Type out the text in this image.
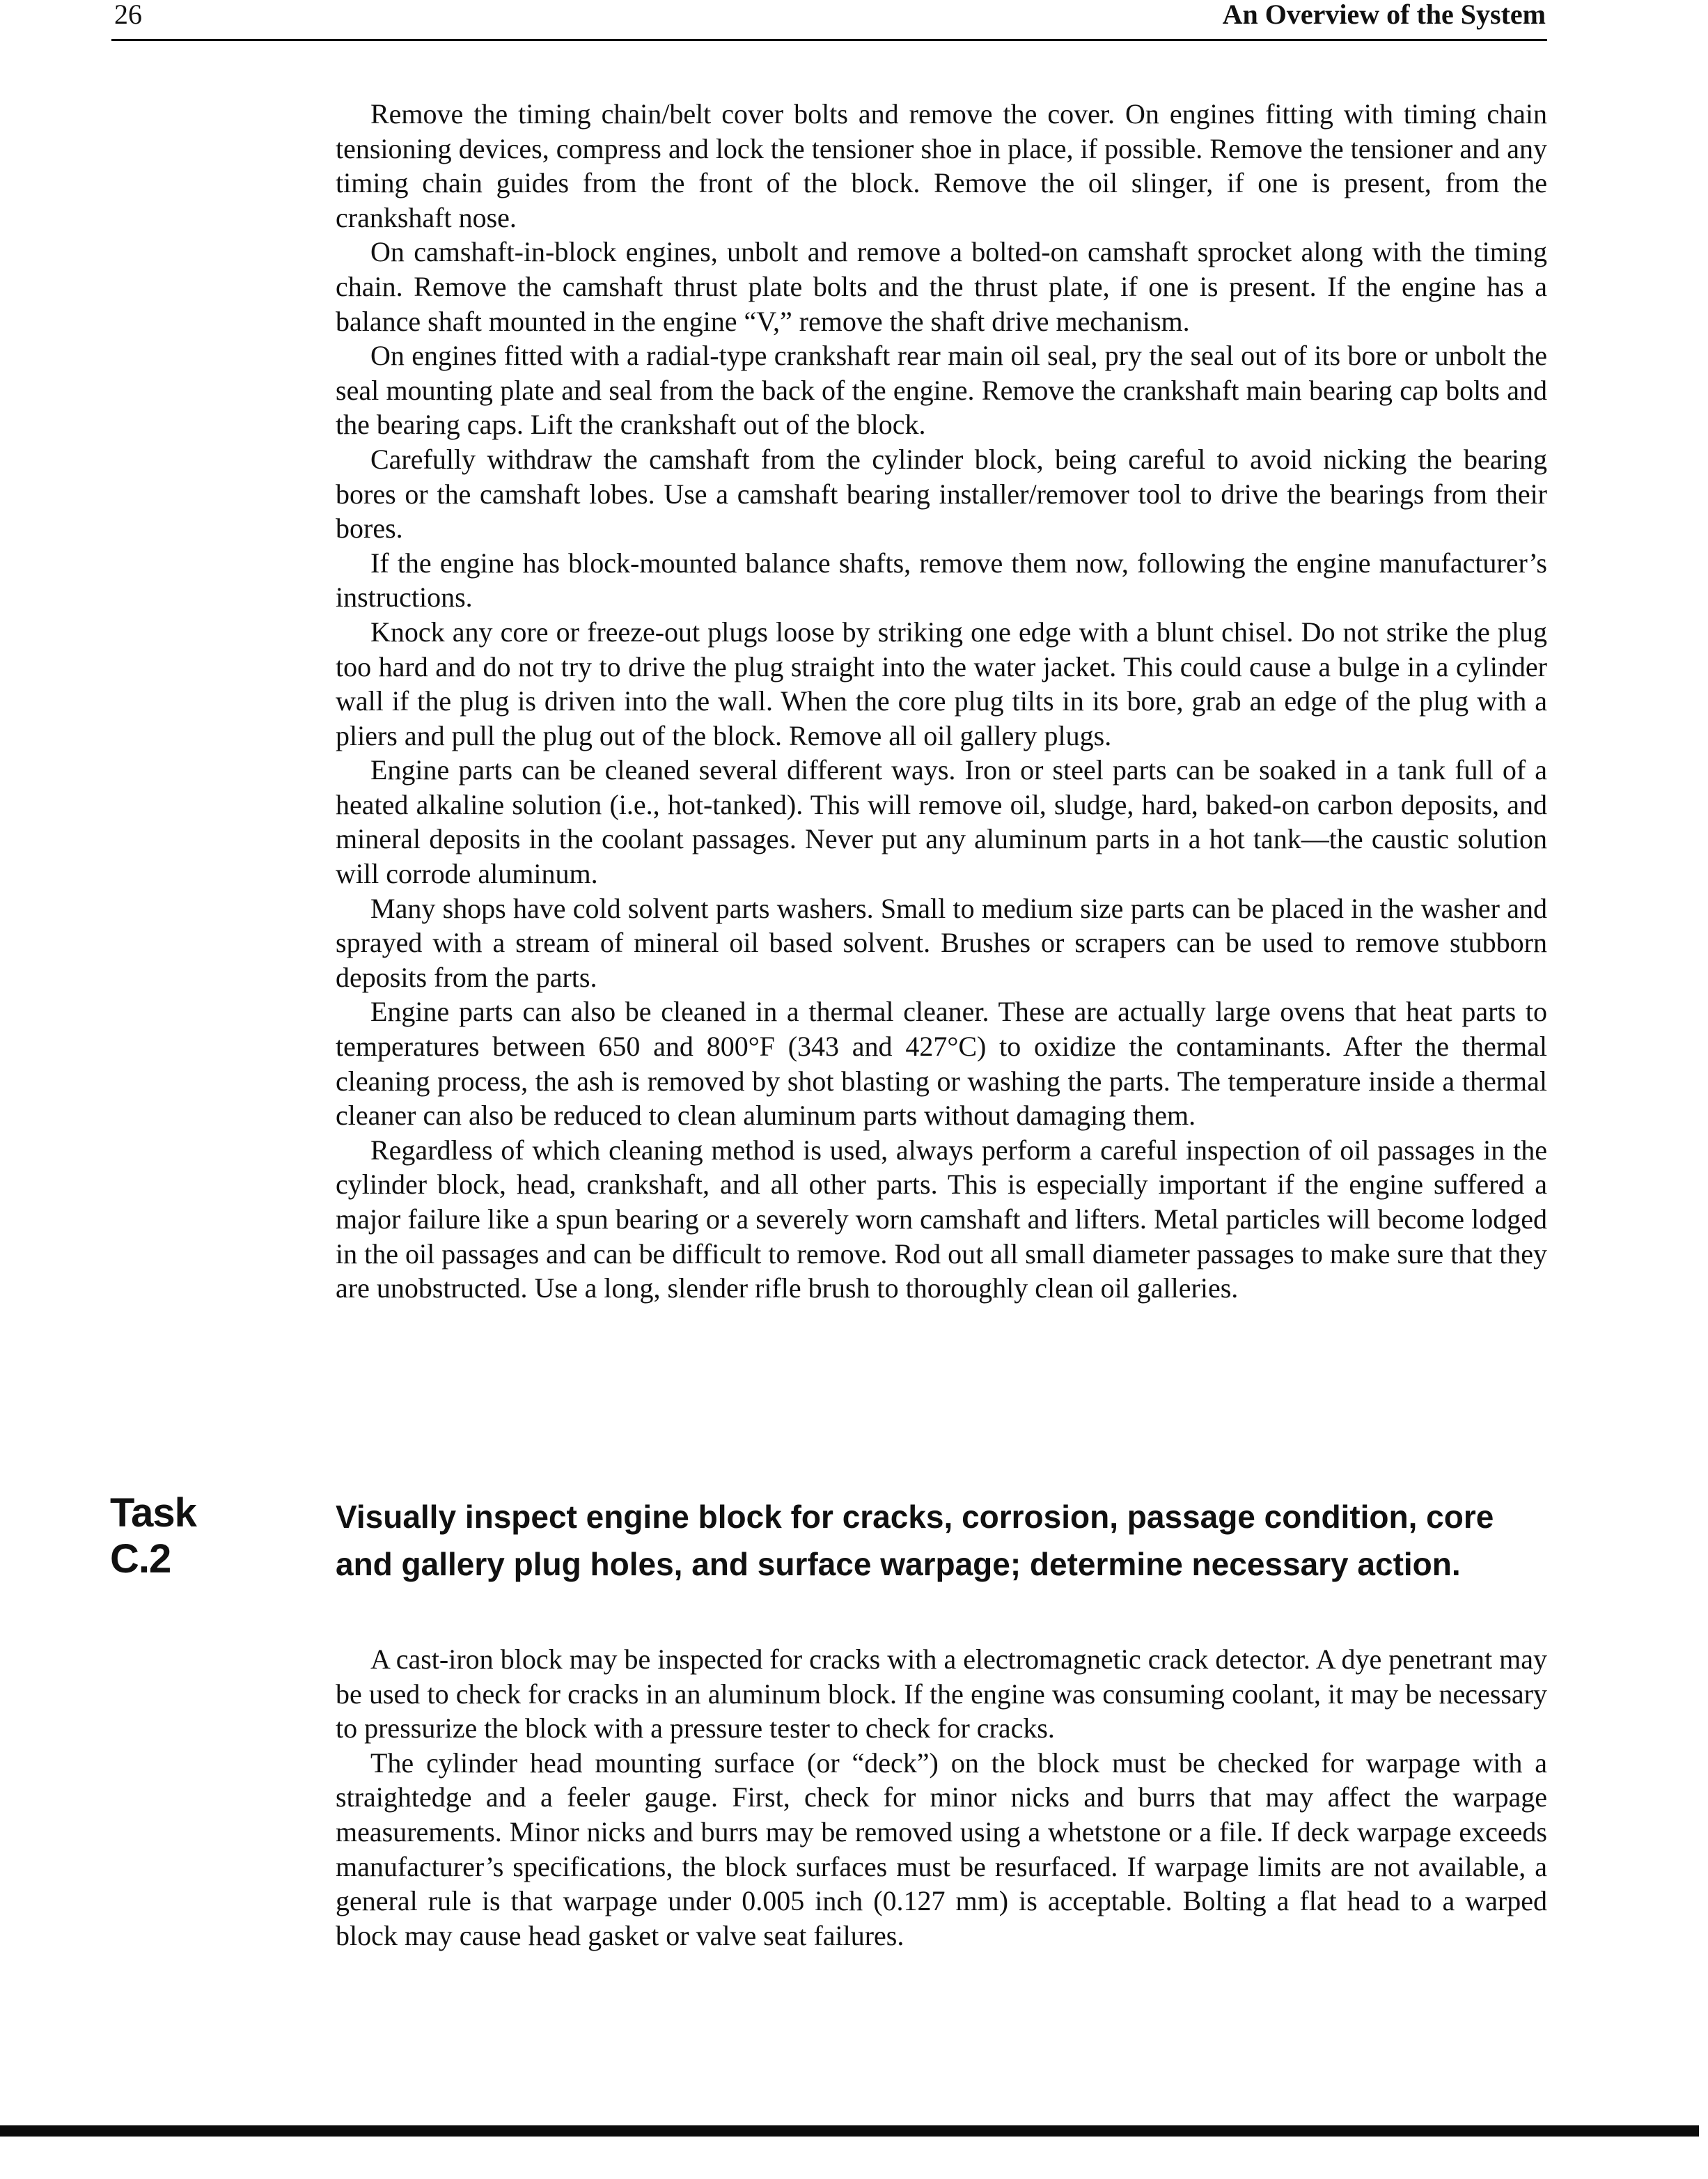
26	An Overview of the System

Remove the timing chain/belt cover bolts and remove the cover. On engines fitting with timing chain tensioning devices, compress and lock the tensioner shoe in place, if possible. Remove the tensioner and any timing chain guides from the front of the block. Remove the oil slinger, if one is present, from the crankshaft nose.

On camshaft-in-block engines, unbolt and remove a bolted-on camshaft sprocket along with the timing chain. Remove the camshaft thrust plate bolts and the thrust plate, if one is present. If the engine has a balance shaft mounted in the engine “V,” remove the shaft drive mechanism.

On engines fitted with a radial-type crankshaft rear main oil seal, pry the seal out of its bore or unbolt the seal mounting plate and seal from the back of the engine. Remove the crankshaft main bearing cap bolts and the bearing caps. Lift the crankshaft out of the block.

Carefully withdraw the camshaft from the cylinder block, being careful to avoid nicking the bearing bores or the camshaft lobes. Use a camshaft bearing installer/remover tool to drive the bearings from their bores.

If the engine has block-mounted balance shafts, remove them now, following the engine manufacturer’s instructions.

Knock any core or freeze-out plugs loose by striking one edge with a blunt chisel. Do not strike the plug too hard and do not try to drive the plug straight into the water jacket. This could cause a bulge in a cylinder wall if the plug is driven into the wall. When the core plug tilts in its bore, grab an edge of the plug with a pliers and pull the plug out of the block. Remove all oil gallery plugs.

Engine parts can be cleaned several different ways. Iron or steel parts can be soaked in a tank full of a heated alkaline solution (i.e., hot-tanked). This will remove oil, sludge, hard, baked-on carbon deposits, and mineral deposits in the coolant passages. Never put any aluminum parts in a hot tank—the caustic solution will corrode aluminum.

Many shops have cold solvent parts washers. Small to medium size parts can be placed in the washer and sprayed with a stream of mineral oil based solvent. Brushes or scrapers can be used to remove stubborn deposits from the parts.

Engine parts can also be cleaned in a thermal cleaner. These are actually large ovens that heat parts to temperatures between 650 and 800°F (343 and 427°C) to oxidize the contaminants. After the thermal cleaning process, the ash is removed by shot blasting or washing the parts. The temperature inside a thermal cleaner can also be reduced to clean aluminum parts without damaging them.

Regardless of which cleaning method is used, always perform a careful inspection of oil passages in the cylinder block, head, crankshaft, and all other parts. This is especially important if the engine suffered a major failure like a spun bearing or a severely worn camshaft and lifters. Metal particles will become lodged in the oil passages and can be difficult to remove. Rod out all small diameter passages to make sure that they are unobstructed. Use a long, slender rifle brush to thoroughly clean oil galleries.

Task
C.2
Visually inspect engine block for cracks, corrosion, passage condition, core and gallery plug holes, and surface warpage; determine necessary action.

A cast-iron block may be inspected for cracks with a electromagnetic crack detector. A dye penetrant may be used to check for cracks in an aluminum block. If the engine was consuming coolant, it may be necessary to pressurize the block with a pressure tester to check for cracks.

The cylinder head mounting surface (or “deck”) on the block must be checked for warpage with a straightedge and a feeler gauge. First, check for minor nicks and burrs that may affect the warpage measurements. Minor nicks and burrs may be removed using a whetstone or a file. If deck warpage exceeds manufacturer’s specifications, the block surfaces must be resurfaced. If warpage limits are not available, a general rule is that warpage under 0.005 inch (0.127 mm) is acceptable. Bolting a flat head to a warped block may cause head gasket or valve seat failures.
